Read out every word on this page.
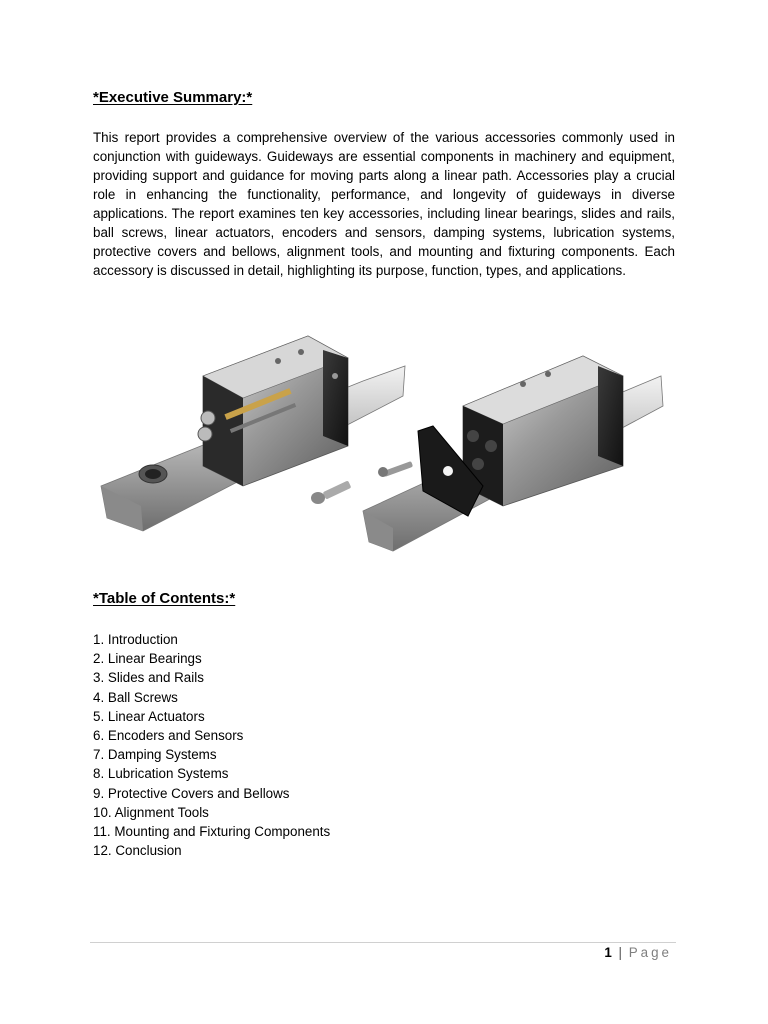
*Executive Summary:*

This report provides a comprehensive overview of the various accessories commonly used in conjunction with guideways. Guideways are essential components in machinery and equipment, providing support and guidance for moving parts along a linear path. Accessories play a crucial role in enhancing the functionality, performance, and longevity of guideways in diverse applications. The report examines ten key accessories, including linear bearings, slides and rails, ball screws, linear actuators, encoders and sensors, damping systems, lubrication systems, protective covers and bellows, alignment tools, and mounting and fixturing components. Each accessory is discussed in detail, highlighting its purpose, function, types, and applications.

*Table of Contents:*
1. Introduction
2. Linear Bearings
3. Slides and Rails
4. Ball Screws
5. Linear Actuators
6. Encoders and Sensors
7. Damping Systems
8. Lubrication Systems
9. Protective Covers and Bellows
10. Alignment Tools
11. Mounting and Fixturing Components
12. Conclusion
1 | Page
